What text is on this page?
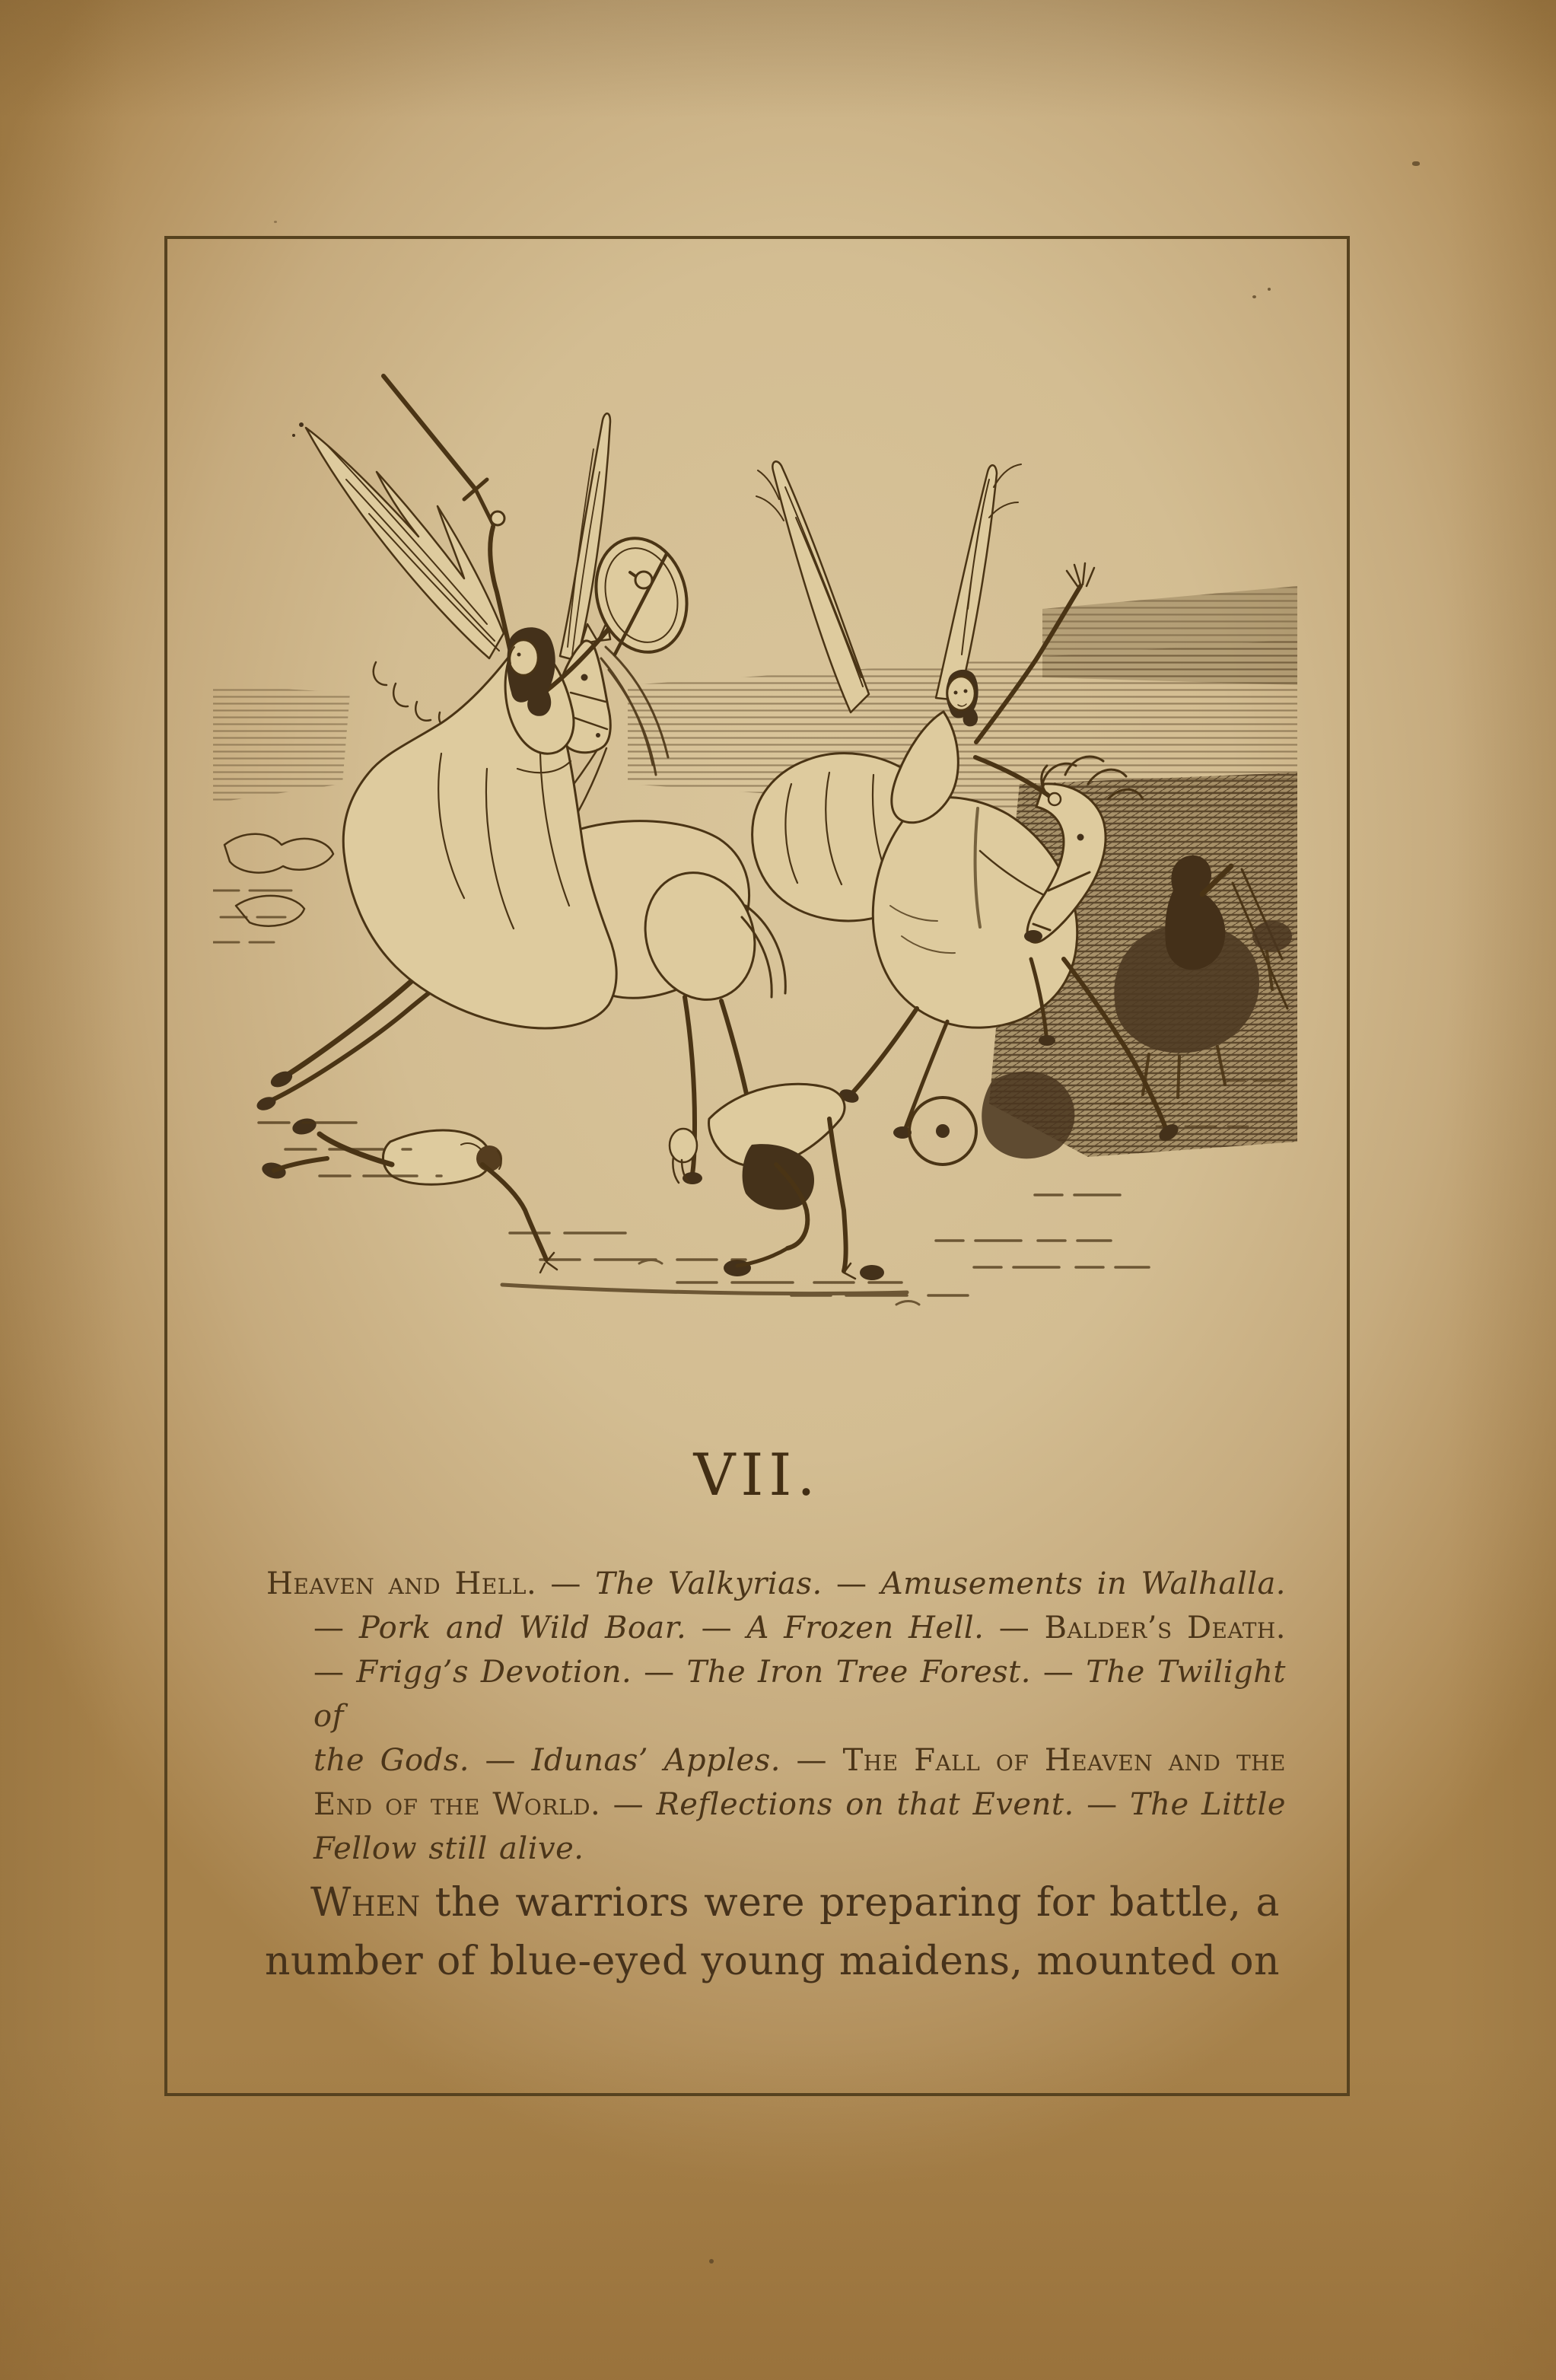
VII.
Heaven and Hell. — The Valkyrias. — Amusements in Walhalla.
— Pork and Wild Boar. — A Frozen Hell. — Balder’s Death.
— Frigg’s Devotion. — The Iron Tree Forest. — The Twilight of
the Gods. — Idunas’ Apples. — The Fall of Heaven and the
End of the World. — Reflections on that Event. — The Little
Fellow still alive.
When the warriors were preparing for battle, a
number of blue-eyed young maidens, mounted on
